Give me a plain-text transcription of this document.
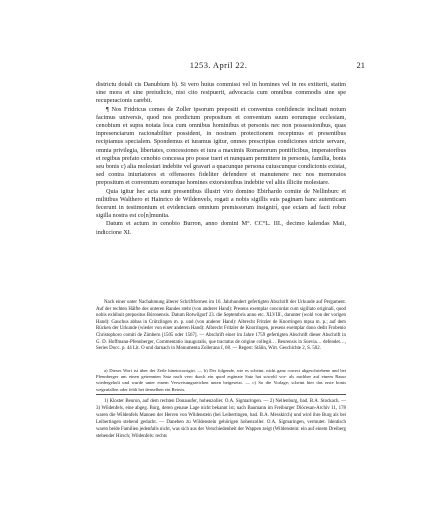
1253. April 22.	21

districtu dotali cis Danubium b). Si vero huius commissi vel in homines vel in res extiterit, statim sine mora et sine preiudicio, nisi cito resipuerit, advocacia cum omnibus commodis sine spe recuperacionis carebit.

¶ Nos Fridricus comes de Zoller ipsorum prepositi et conventus confidencie inclinati notum facimus universis, quod nos predictum prepositum et conventum suum eorumque ecclesiam, cenobium et supra notata loca cum omnibus hominibus et personis nec non possessionibus, quas inpresenciarum racionabiliter possident, in nostram protectionem recepimus et presentibus recipiamus specialem. Spondemus et iuramus igitur, omnes prescriptas condiciones stricte servare, omnia privilegia, libertates, concessiones et iura a maximis Romanorum pontificibus, imperatoribus et regibus prefato cenobio concessa pro posse tueri et nunquam permittere in personis, familia, bonis seu bonis c) alia molestari indebite vel gravari a quacunque persona cuiuscunque condicionis existat, sed contra iniuriatores et offensores fideliter defendere et manutenere nec nos memoratos prepositum et conventum eorumque homines extorsionibus indebite vel aliis illicite molestare.

Quia igitur hec acta sunt presentibus illustri viro domino Ebirhardo comite de Nellinburc et militibus Walthero et Hainrico de Wildenvels, rogati a nobis sigillis suis paginam hanc autenticam fecerunt in testimonium et evidenciam omnium premissorum insignirí, que eciam ad facti robur sigilla nostra est co[n]munita.

Datum et actum in cenobio Burron, anno domini M°. CC°L. III., decimo kalendas Maii, indiccione XI.

Nach einer unter Nachahmung älterer Schriftformen im 16. Jahrhundert gefertigten Abschrift der Urkunde auf Pergament. Auf der rechten Hälfte des unteren Randes steht (von anderer Hand): Presens exemplar concordat cum sigillato originali, quod nobis exhibuit prepositus Búronensis. Datum Rotwilgorf 23. die Septembris anno etc. XLVIII., darunter (wohl von der vorigen Hand): Gauchus abbas in Crützlingen m. p. und (von anderer Hand): Albrecht Fritzler de Knorringen mpsa m. p.; auf dem Rücken der Urkunde (wieder von einer anderen Hand): Albrecht Fritzler de Knorringen, presens exemplar dono dedit Frobenio Christophoro comiti de Zimbern [1505 oder 1567]. — Abschrift einer im Jahre 1759 gefertigten Abschrift dieser Abschrift in G. D. Hoffmann-Pfennberger, Commentatio inauguralis, que tractatus de origine collegii… Beurensis in Suevia… defendet…, Series Docc. p. 44 Lit. O und darnach in Monumenta Zollerana I, 68. — Regest: Stälin, Wirt. Geschichte 2, S. 502.

a) Dieses Wort ist über der Zeile hineincorrigirt. — b) Der folgende, wie es scheint, nicht ganz correct abgeschriebene und bei Pfennberger um einen getrennten Satz nach vero durch ein quod ergänzte Satz hat sowohl vor- als nachher auf einem Rasur wiedergeholt und wurde unter einem Verweisungszeichen unten beigesetzt. — c) So die Vorlage; scheint hier das erste bonis wegzufallen oder fehlt bei denselben ein Betrsis.

1) Kloster Beuron, auf dem rechten Donauufer, hohenzoller. O.A. Sigmaringen. — 2) Nellenburg, bad. B.A. Stockach. — 3) Wildenfels, eine abgeg. Burg, deren genaue Lage nicht bekannt ist; nach Baumann im Freiburger Diöcesan-Archiv 11, 178 waren die Wildenfels Mannen der Herren von Wildenstein (bei Leibertingen, bad. B.A. Messkirch) und wird ihre Burg als bei Leibertingen stehend gedacht. — Daneben zu Wildenstein gehörigen hohenzoller. O.A. Sigmaringen, vermutet. Identisch waren beide Familien jedenfalls nicht, was sich aus der Verschiedenheit der Wappen zeigt (Wildenstein: ein auf einem Dreiberg stehender Hirsch; Wildenfels: rechts
